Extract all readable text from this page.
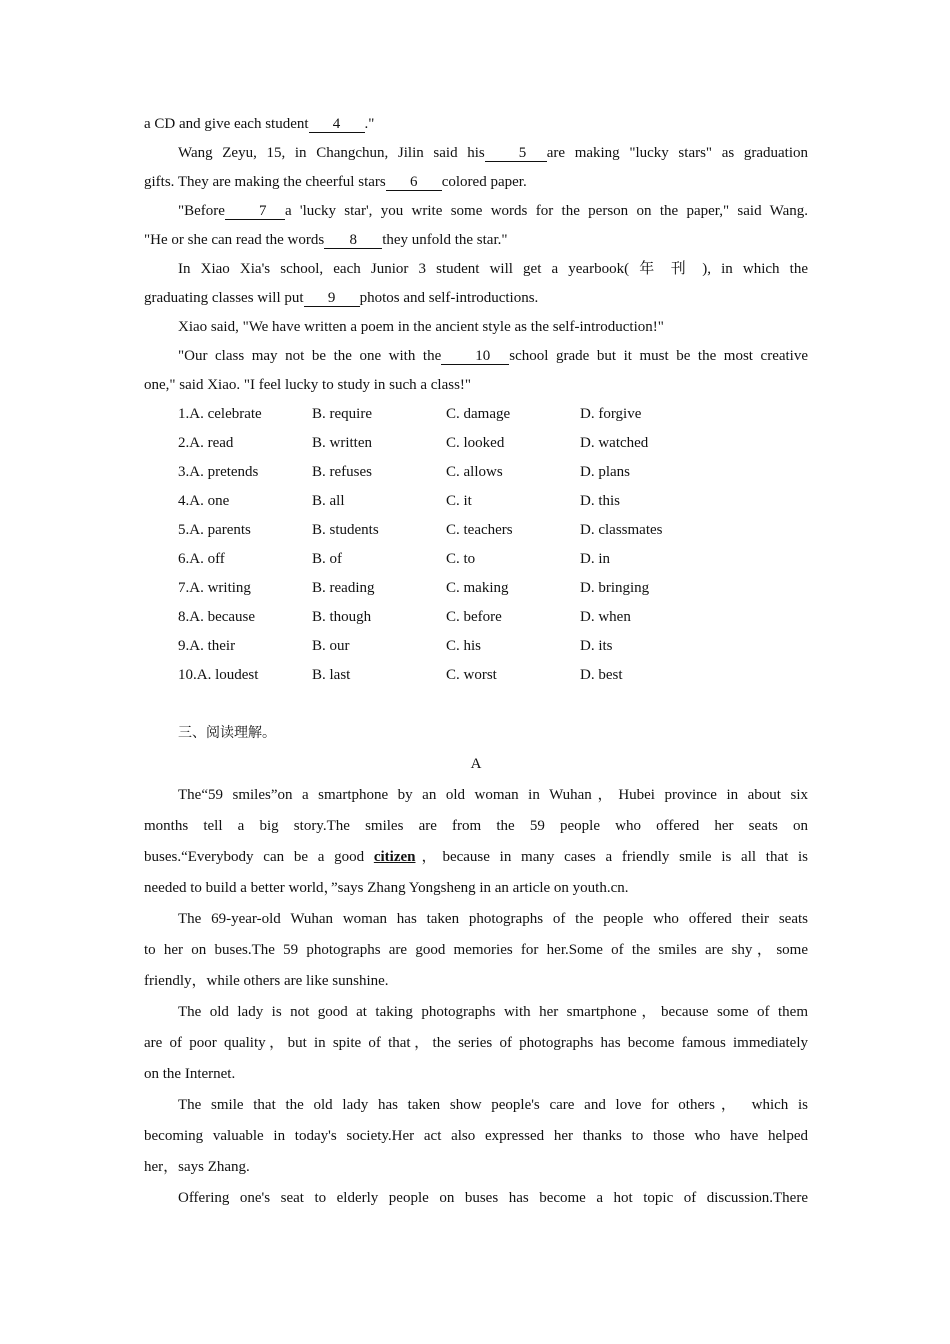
a CD and give each student 4 ."
Wang Zeyu, 15, in Changchun, Jilin said his 5 are making "lucky stars" as graduation
gifts. They are making the cheerful stars 6 colored paper.
"Before 7 a 'lucky star', you write some words for the person on the paper," said Wang.
"He or she can read the words 8 they unfold the star."
In Xiao Xia's school, each Junior 3 student will get a yearbook( 年 刊 ), in which the
graduating classes will put 9 photos and self-introductions.
Xiao said, "We have written a poem in the ancient style as the self-introduction!"
"Our class may not be the one with the 10 school grade but it must be the most creative
one," said Xiao. "I feel lucky to study in such a class!"
1.A. celebrate	B. require	C. damage	D. forgive
2.A. read	B. written	C. looked	D. watched
3.A. pretends	B. refuses	C. allows	D. plans
4.A. one	B. all	C. it	D. this
5.A. parents	B. students	C. teachers	D. classmates
6.A. off	B. of	C. to	D. in
7.A. writing	B. reading	C. making	D. bringing
8.A. because	B. though	C. before	D. when
9.A. their	B. our	C. his	D. its
10.A. loudest	B. last	C. worst	D. best
三、阅读理解。
A
The“59 smiles”on a smartphone by an old woman in Wuhan，Hubei province in about six
months tell a big story.The smiles are from the 59 people who offered her seats on
buses.“Everybody can be a good citizen，because in many cases a friendly smile is all that is
needed to build a better world，”says Zhang Yongsheng in an article on youth.cn.
The 69-year-old Wuhan woman has taken photographs of the people who offered their seats
to her on buses.The 59 photographs are good memories for her.Some of the smiles are shy，some
friendly，while others are like sunshine.
The old lady is not good at taking photographs with her smartphone，because some of them
are of poor quality，but in spite of that，the series of photographs has become famous immediately
on the Internet.
The smile that the old lady has taken show people's care and love for others， which is
becoming valuable in today's society.Her act also expressed her thanks to those who have helped
her，says Zhang.
Offering one's seat to elderly people on buses has become a hot topic of discussion.There
